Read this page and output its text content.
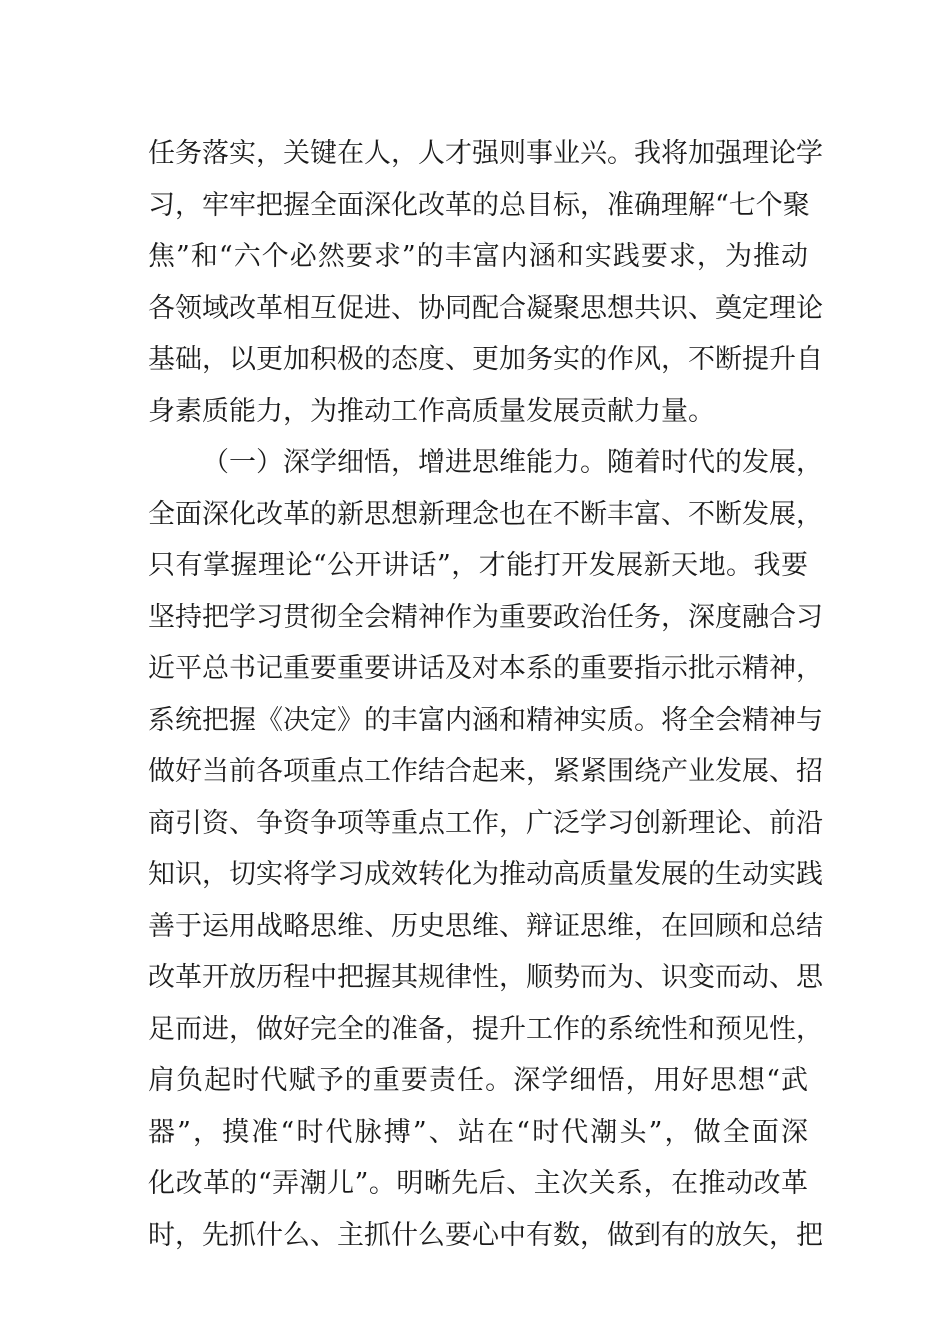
任务落实，关键在人，人才强则事业兴。我将加强理论学
习，牢牢把握全面深化改革的总目标，准确理解“七个聚
焦”和“六个必然要求”的丰富内涵和实践要求，为推动
各领域改革相互促进、协同配合凝聚思想共识、奠定理论
基础，以更加积极的态度、更加务实的作风，不断提升自
身素质能力，为推动工作高质量发展贡献力量。
（一）深学细悟，增进思维能力。随着时代的发展，
全面深化改革的新思想新理念也在不断丰富、不断发展，
只有掌握理论“公开讲话”，才能打开发展新天地。我要
坚持把学习贯彻全会精神作为重要政治任务，深度融合习
近平总书记重要重要讲话及对本系的重要指示批示精神，
系统把握《决定》的丰富内涵和精神实质。将全会精神与
做好当前各项重点工作结合起来，紧紧围绕产业发展、招
商引资、争资争项等重点工作，广泛学习创新理论、前沿
知识，切实将学习成效转化为推动高质量发展的生动实践
善于运用战略思维、历史思维、辩证思维，在回顾和总结
改革开放历程中把握其规律性，顺势而为、识变而动、思
足而进，做好完全的准备，提升工作的系统性和预见性，
肩负起时代赋予的重要责任。深学细悟，用好思想“武
器”，摸准“时代脉搏”、站在“时代潮头”，做全面深
化改革的“弄潮儿”。明晰先后、主次关系，在推动改革
时，先抓什么、主抓什么要心中有数，做到有的放矢，把
